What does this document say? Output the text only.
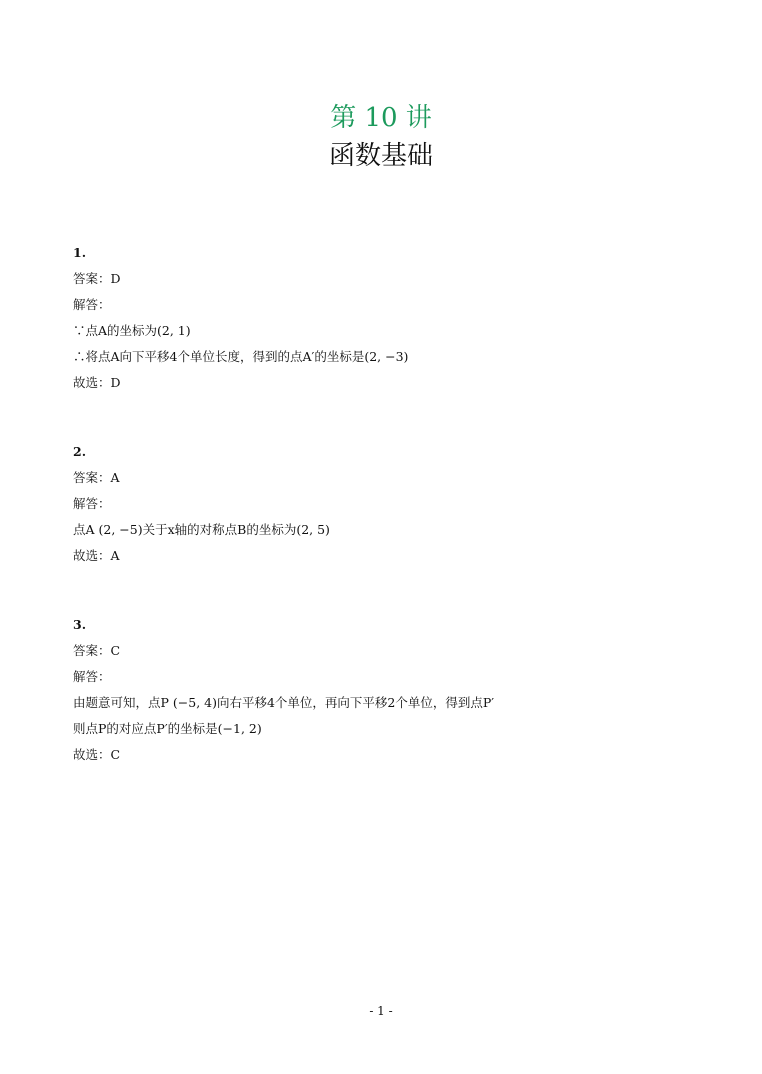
第 10 讲
函数基础
1.
答案：D
解答：
∵点A的坐标为(2, 1)
∴将点A向下平移4个单位长度，得到的点A′的坐标是(2, −3)
故选：D
2.
答案：A
解答：
点A (2, −5)关于x轴的对称点B的坐标为(2, 5)
故选：A
3.
答案：C
解答：
由题意可知，点P (−5, 4)向右平移4个单位，再向下平移2个单位，得到点P′
则点P的对应点P′的坐标是(−1, 2)
故选：C
- 1 -
